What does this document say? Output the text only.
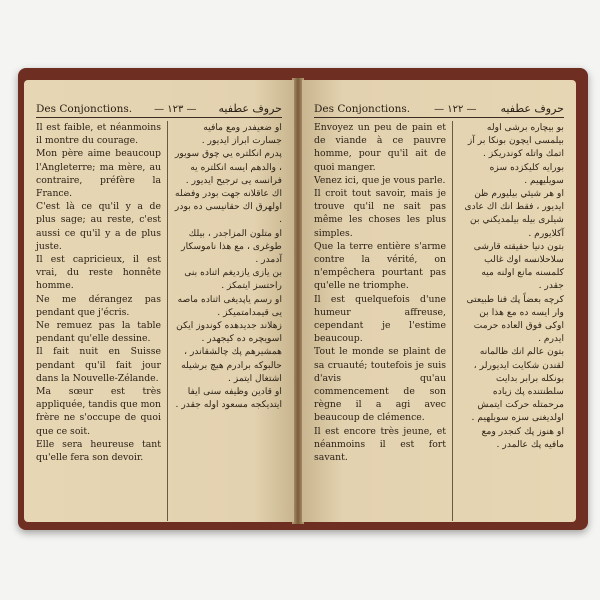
Des Conjonctions. — ١٢٣ — حروف عطفيه
Il est faible, et néanmoins il montre du courage.
Mon père aime beaucoup l'Angleterre; ma mère, au contraire, préfère la France.
C'est là ce qu'il y a de plus sage; au reste, c'est aussi ce qu'il y a de plus juste.
Il est capricieux, il est vrai, du reste honnête homme.
Ne me dérangez pas pendant que j'écris.
Ne remuez pas la table pendant qu'elle dessine.
Il fait nuit en Suisse pendant qu'il fait jour dans la Nouvelle-Zélande.
Ma sœur est très appliquée, tandis que mon frère ne s'occupe de quoi que ce soit.
Elle sera heureuse tant qu'elle fera son devoir.
او ضعيفدر ومع مافيه جسارت ابراز ايديور .
پدرم انكلتره يي چوق سويور ، والدهم ايسه انكلتره يه فرانسه يى ترجيح ايديور .
اك عاقلانه جهت بودر وفضله اولهرق اك حقانيسى ده بودر .
او متلون المزاجدر ، بيلك طوغرى ، مع هذا ناموسكار آدمدر .
بن يازى يازديغم اثناده بنى راحتسز ايتمكز .
او رسم ياپديغى اثناده ماصه يى قيمدامتميكز .
زهلاند جديدهده كوندوز ايكن اسويچره ده كيجهدر .
همشيرهم پك چالشقاندر ، حالبوكه برادرم هيچ برشيله اشتغال ايتمز .
او قادين وظيفه سنى ايفا ايتديكجه مسعود اوله جقدر .
Des Conjonctions. — ١٢٢ — حروف عطفيه
Envoyez un peu de pain et de viande à ce pauvre homme, pour qu'il ait de quoi manger.
Venez ici, que je vous parle.
Il croit tout savoir, mais je trouve qu'il ne sait pas même les choses les plus simples.
Que la terre entière s'arme contre la vérité, on n'empêchera pourtant pas qu'elle ne triomphe.
Il est quelquefois d'une humeur affreuse, cependant je l'estime beaucoup.
Tout le monde se plaint de sa cruauté; toutefois je suis d'avis qu'au commencement de son règne il a agi avec beaucoup de clémence.
Il est encore très jeune, et néanmoins il est fort savant.
بو بيچاره برشى اوله بيلمسى ايچون بونكا بر آز اتمك واتله كوندريكز .
بورايه كليكزده سزه سويليهيم .
او هر شيئي بيليورم ظن ايديور ، فقط انك اك عادى شيلرى بيله بيلمديكني بن آكلايورم .
بتون دنيا حقيقته قارشى سلاحلانسه اوك غالب كلمسنه مانع اولنه ميه جقدر .
كرچه بعضاً پك فنا طبيعتى وار ايسه ده مع هذا بن اوكى فوق العاده حرمت ايدرم .
بتون عالم انك ظالمانه لقندن شكايت ايديورلر ، بونكله برابر بدايت سلطنتنده پك زياده مرحمتله حركت ايتمش اولديغنى سزه سويلهيم .
او هنوز پك كنجدر ومع مافيه پك عالمدر .
